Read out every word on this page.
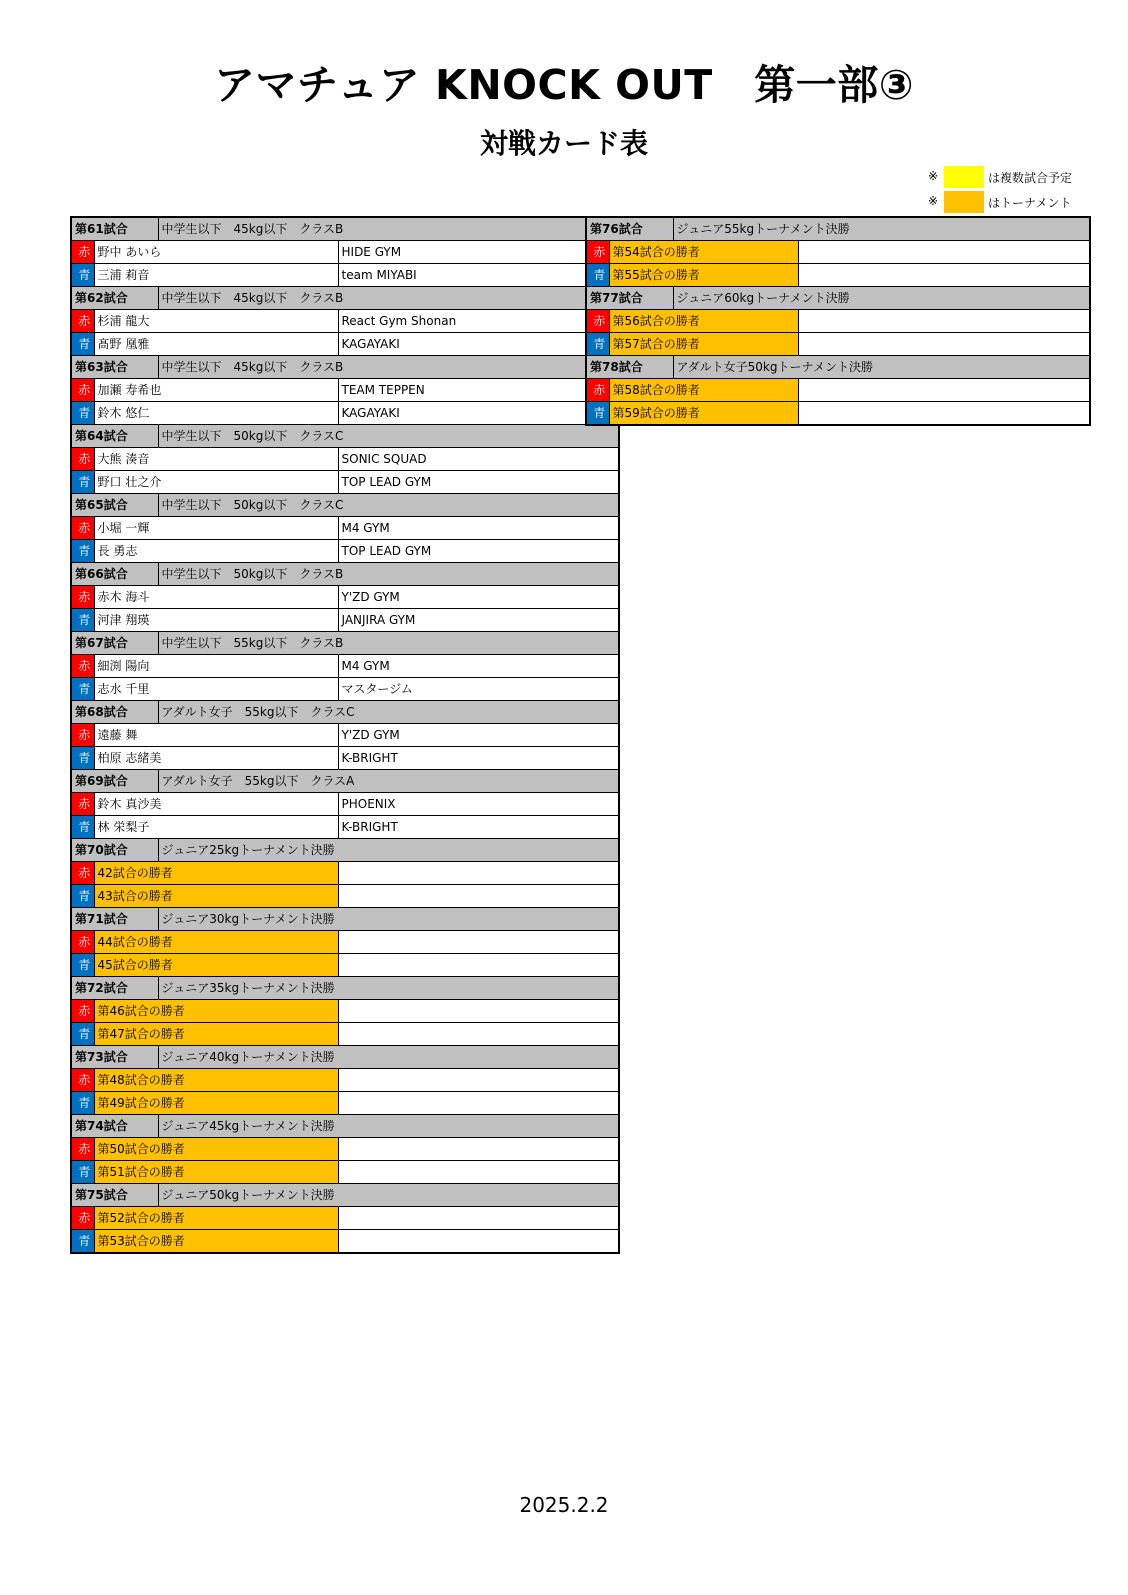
アマチュア KNOCK OUT　第一部③
対戦カード表
※	は複数試合予定
※	はトーナメント
第61試合		中学生以下　45kg以下　クラスB	
赤	野中 あいら		HIDE GYM
青	三浦 莉音		team MIYABI
第62試合		中学生以下　45kg以下　クラスB	
赤	杉浦 龍大		React Gym Shonan
青	髙野 凰雅		KAGAYAKI
第63試合		中学生以下　45kg以下　クラスB	
赤	加瀬 寿希也		TEAM TEPPEN
青	鈴木 悠仁		KAGAYAKI
第64試合		中学生以下　50kg以下　クラスC	
赤	大熊 湊音		SONIC SQUAD
青	野口 壮之介		TOP LEAD GYM
第65試合		中学生以下　50kg以下　クラスC	
赤	小堀 一輝		M4 GYM
青	長 勇志		TOP LEAD GYM
第66試合		中学生以下　50kg以下　クラスB	
赤	赤木 海斗		Y'ZD GYM
青	河津 翔瑛		JANJIRA GYM
第67試合		中学生以下　55kg以下　クラスB	
赤	細渕 陽向		M4 GYM
青	志水 千里		マスタージム
第68試合		アダルト女子　55kg以下　クラスC	
赤	遠藤 舞		Y'ZD GYM
青	柏原 志緒美		K-BRIGHT
第69試合		アダルト女子　55kg以下　クラスA	
赤	鈴木 真沙美		PHOENIX
青	林 栄梨子		K-BRIGHT
第70試合		ジュニア25kgトーナメント決勝	
赤	42試合の勝者		
青	43試合の勝者		
第71試合		ジュニア30kgトーナメント決勝	
赤	44試合の勝者		
青	45試合の勝者		
第72試合		ジュニア35kgトーナメント決勝	
赤	第46試合の勝者		
青	第47試合の勝者		
第73試合		ジュニア40kgトーナメント決勝	
赤	第48試合の勝者		
青	第49試合の勝者		
第74試合		ジュニア45kgトーナメント決勝	
赤	第50試合の勝者		
青	第51試合の勝者		
第75試合		ジュニア50kgトーナメント決勝	
赤	第52試合の勝者		
青	第53試合の勝者		
第76試合		ジュニア55kgトーナメント決勝	
赤	第54試合の勝者		
青	第55試合の勝者		
第77試合		ジュニア60kgトーナメント決勝	
赤	第56試合の勝者		
青	第57試合の勝者		
第78試合		アダルト女子50kgトーナメント決勝	
赤	第58試合の勝者		
青	第59試合の勝者		
2025.2.2
